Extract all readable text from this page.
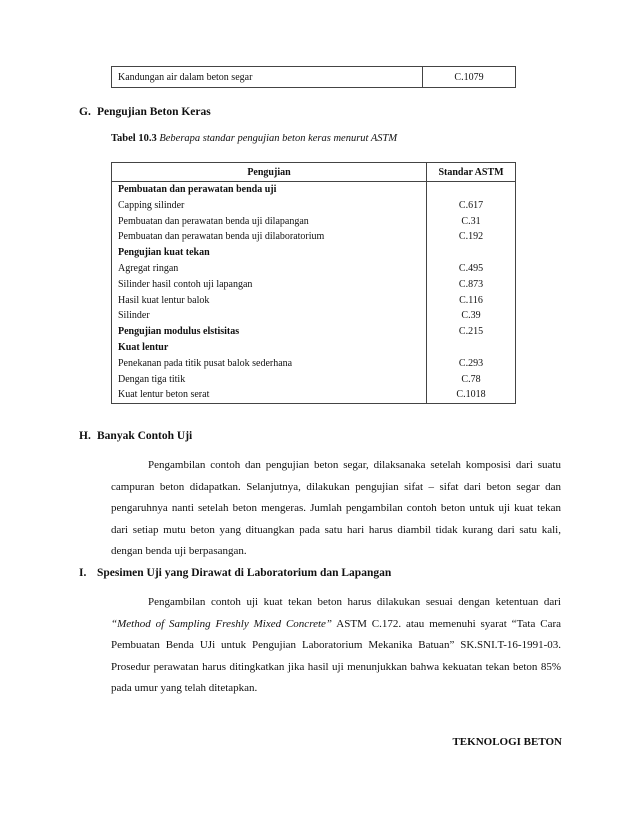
Kandungan air dalam beton segar	C.1079
G. Pengujian Beton Keras

Tabel 10.3 Beberapa standar pengujian beton keras menurut ASTM

Pengujian	Standar ASTM
Pembuatan dan perawatan benda uji	
Capping silinder	C.617
Pembuatan dan perawatan benda uji dilapangan	C.31
Pembuatan dan perawatan benda uji dilaboratorium	C.192
Pengujian kuat tekan	
Agregat ringan	C.495
Silinder hasil contoh uji lapangan	C.873
Hasil kuat lentur balok	C.116
Silinder	C.39
Pengujian modulus elstisitas	C.215
Kuat lentur	
Penekanan pada titik pusat balok sederhana	C.293
Dengan tiga titik	C.78
Kuat lentur beton serat	C.1018
H. Banyak Contoh Uji

Pengambilan contoh dan pengujian beton segar, dilaksanaka setelah komposisi dari suatu campuran beton didapatkan. Selanjutnya, dilakukan pengujian sifat – sifat dari beton segar dan pengaruhnya nanti setelah beton mengeras. Jumlah pengambilan contoh beton untuk uji kuat tekan dari setiap mutu beton yang dituangkan pada satu hari harus diambil tidak kurang dari satu kali, dengan benda uji berpasangan.

I. Spesimen Uji yang Dirawat di Laboratorium dan Lapangan

Pengambilan contoh uji kuat tekan beton harus dilakukan sesuai dengan ketentuan dari “Method of Sampling Freshly Mixed Concrete” ASTM C.172. atau memenuhi syarat “Tata Cara Pembuatan Benda UJi untuk Pengujian Laboratorium Mekanika Batuan” SK.SNI.T-16-1991-03. Prosedur perawatan harus ditingkatkan jika hasil uji menunjukkan bahwa kekuatan tekan beton 85% pada umur yang telah ditetapkan.

TEKNOLOGI BETON
